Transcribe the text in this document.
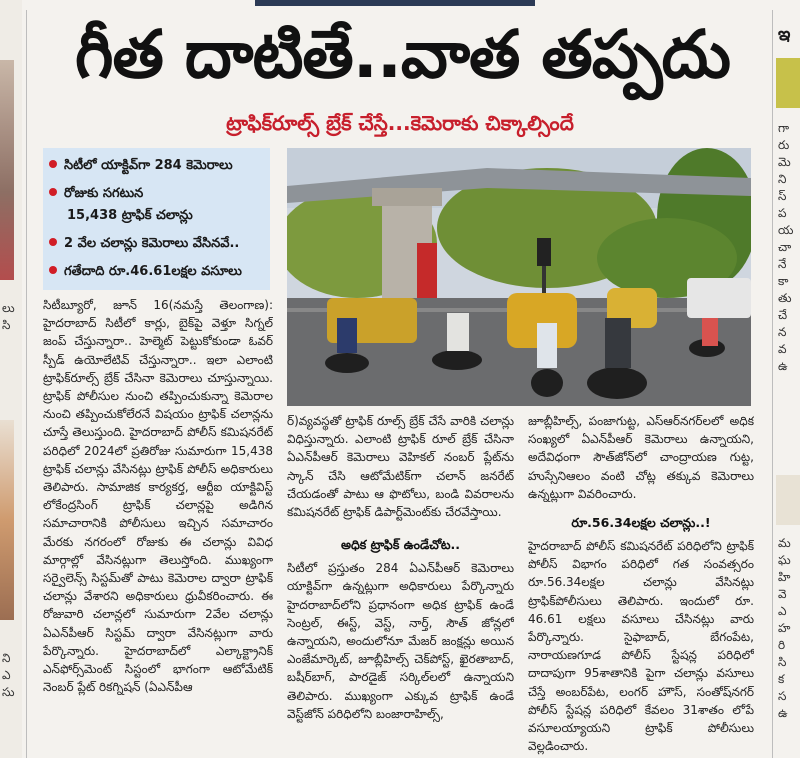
లు
సి
ని
ఎ
సు
గీత దాటితే..వాత తప్పదు
ట్రాఫిక్‌రూల్స్ బ్రేక్ చేస్తే...కెమెరాకు చిక్కాల్సిందే
సిటీలో యాక్టివ్‌గా 284 కెమెరాలు
రోజుకు సగటున
15,438 ట్రాఫిక్ చలాన్లు
2 వేల చలాన్లు కెమెరాలు వేసినవే..
గతేదాది రూ.46.61లక్షల వసూలు

సిటీబ్యూరో, జూన్ 16(నమస్తే తెలంగాణ): హైదరాబాద్ సిటీలో కార్లు, బైక్‌పై వెళ్తూ సిగ్నల్ జంప్ చేస్తున్నారా.. హెల్మెట్ పెట్టుకోకుండా ఓవర్ స్పీడ్ ఉయోలేటివ్ చేస్తున్నారా.. ఇలా ఎలాంటి ట్రాఫిక్‌రూల్స్ బ్రేక్ చేసినా కెమెరాలు చూస్తున్నాయి. ట్రాఫిక్ పోలీసుల నుంచి తప్పించుకున్నా కెమెరాల నుంచి తప్పించుకోలేరనే విషయం ట్రాఫిక్ చలాన్లను చూస్తే తెలుస్తుంది. హైదరాబాద్ పోలీస్ కమిషనరేట్ పరిధిలో 2024లో ప్రతిరోజు సుమారుగా 15,438 ట్రాఫిక్ చలాన్లు వేసినట్లు ట్రాఫిక్ పోలీస్ అధికారులు తెలిపారు. సామాజిక కార్యకర్త, ఆర్టీఐ యాక్టివిస్ట్ లోకేంద్రసింగ్ ట్రాఫిక్ చలాన్లపై అడిగిన సమాచారానికి పోలీసులు ఇచ్చిన సమాచారం మేరకు నగరంలో రోజుకు ఈ చలాన్లు వివిధ మార్గాల్లో వేసినట్లుగా తెలుస్తోంది. ముఖ్యంగా సర్వైలెన్స్ సిస్టమ్‌తో పాటు కెమెరాల ద్వారా ట్రాఫిక్ చలాన్లు వేశారని అధికారులు ధ్రువీకరించారు. ఈ రోజువారి చలాన్లలో సుమారుగా 2వేల చలాన్లు ఏఎన్‌పీఆర్ సిస్టమ్ ద్వారా వేసినట్లుగా వారు పేర్కొన్నారు. హైదరాబాద్‌లో ఎల్కాక్ట్రానిక్ ఎన్‌ఫోర్స్‌మెంట్ సిస్టంలో భాగంగా ఆటోమేటిక్ నెంబర్ ప్లేట్ రికగ్నిషన్ (ఏఎన్‌పీఆ

ర్)వ్యవస్థతో ట్రాఫిక్ రూల్స్ బ్రేక్ చేసే వారికి చలాన్లు విధిస్తున్నారు. ఎలాంటి ట్రాఫిక్ రూల్ బ్రేక్ చేసినా ఏఎన్‌పీఆర్ కెమెరాలు వెహికల్ నంబర్ ప్లేట్‌ను స్కాన్ చేసి ఆటోమేటిక్‌గా చలాన్ జనరేట్ చేయడంతో పాటు ఆ ఫొటోలు, బండి వివరాలను కమిషనరేట్ ట్రాఫిక్ డిపార్ట్‌మెంట్‌కు చేరవేస్తాయి.

అధిక ట్రాఫిక్ ఉండేచోట..

సిటీలో ప్రస్తుతం 284 ఏఎన్‌పీఆర్ కెమెరాలు యాక్టివ్‌గా ఉన్నట్లుగా అధికారులు పేర్కొన్నారు హైదరాబాద్‌లోని ప్రధానంగా అధిక ట్రాఫిక్ ఉండే సెంట్రల్, ఈస్ట్, వెస్ట్, నార్త్, సౌత్ జోన్లలో ఉన్నాయని, అందులోనూ మేజర్ జంక్షన్లు అయిన ఎంజేమార్కెట్, జూబ్లీహిల్స్ చెక్‌పోస్ట్, ఖైరతాబాద్, బషీర్‌బాగ్, పారడైజ్ సర్కిల్‌లలో ఉన్నాయని తెలిపారు. ముఖ్యంగా ఎక్కువ ట్రాఫిక్ ఉండే వెస్ట్‌జోన్ పరిధిలోని బంజారాహిల్స్,

జూబ్లీహిల్స్, పంజాగుట్ట, ఎస్‌ఆర్‌నగర్‌లలో అధిక సంఖ్యలో ఏఎన్‌పీఆర్ కెమెరాలు ఉన్నాయని, అదేవిధంగా సౌత్‌జోన్‌లో చాంద్రాయణ గుట్ట, హుస్సేనిఆలం వంటి చోట్ల తక్కువ కెమెరాలు ఉన్నట్లుగా వివరించారు.

రూ.56.34లక్షల చలాన్లు..!

హైదరాబాద్ పోలీస్ కమిషనరేట్ పరిధిలోని ట్రాఫిక్ పోలీస్ విభాగం పరిధిలో గత సంవత్సరం రూ.56.34లక్షల చలాన్లు వేసినట్లు ట్రాఫిక్‌పోలీసులు తెలిపారు. ఇందులో రూ. 46.61 లక్షలు వసూలు చేసినట్లు వారు పేర్కొన్నారు. సైఫాబాద్, బేగంపేట, నారాయణగూడ పోలీస్ స్టేషన్ల పరిధిలో దాదాపుగా 95శాతానికి పైగా చలాన్లు వసూలు చేస్తే అంబర్‌పేట, లంగర్ హౌస్, సంతోష్‌నగర్ పోలీస్ స్టేషన్ల పరిధిలో కేవలం 31శాతం లోపే వసూలయ్యాయని ట్రాఫిక్ పోలీసులు వెల్లడించారు.

ఇ
గా
రు
మె
ని
స్
ప
య
చా
నే
కా
తు
చే
న
వ
ఉ
మ
ఘ
హి
వె
ఎ
హ
రి
సి
క
స
ఉ
